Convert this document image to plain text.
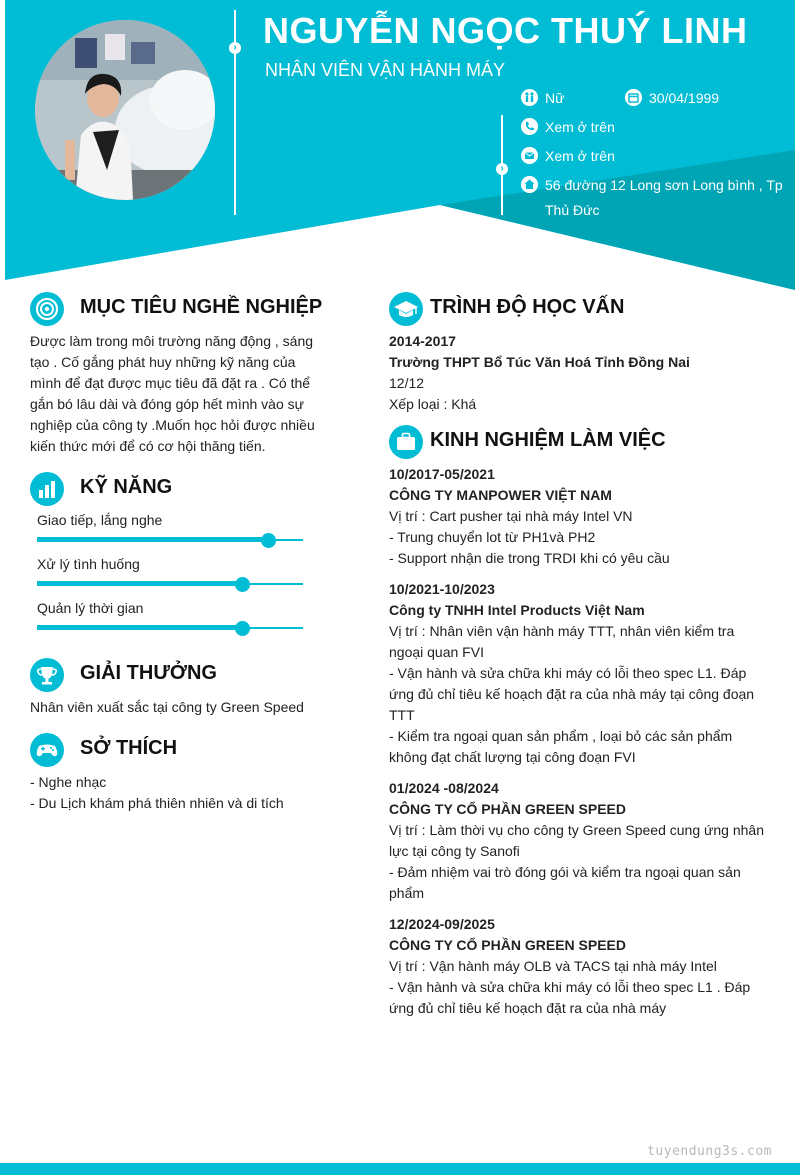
› NGUYỄN NGỌC THUÝ LINH
NHÂN VIÊN VẬN HÀNH MÁY
›
Nữ	30/04/1999
Xem ở trên
Xem ở trên
56 đường 12 Long sơn Long bình , Tp
Thủ Đức
MỤC TIÊU NGHỀ NGHIỆP
Được làm trong môi trường năng động , sáng
tạo . Cố gắng phát huy những kỹ năng của
mình để đạt được mục tiêu đã đặt ra . Có thể
gắn bó lâu dài và đóng góp hết mình vào sự
nghiệp của công ty .Muốn học hỏi được nhiều
kiến thức mới để có cơ hội thăng tiến.
KỸ NĂNG
Giao tiếp, lắng nghe
Xử lý tình huống
Quản lý thời gian
GIẢI THƯỞNG
Nhân viên xuất sắc tại công ty Green Speed
SỞ THÍCH
- Nghe nhạc
- Du Lịch khám phá thiên nhiên và di tích
TRÌNH ĐỘ HỌC VẤN
2014-2017
Trường THPT Bổ Túc Văn Hoá Tỉnh Đồng Nai
12/12
Xếp loại : Khá
KINH NGHIỆM LÀM VIỆC
10/2017-05/2021
CÔNG TY MANPOWER VIỆT NAM
Vị trí : Cart pusher tại nhà máy Intel VN
- Trung chuyển lot từ PH1và PH2
- Support nhận die trong TRDI khi có yêu cầu
10/2021-10/2023
Công ty TNHH Intel Products Việt Nam
Vị trí : Nhân viên vận hành máy TTT, nhân viên kiểm tra
ngoại quan FVI
- Vận hành và sửa chữa khi máy có lỗi theo spec L1. Đáp
ứng đủ chỉ tiêu kế hoạch đặt ra của nhà máy tại công đoạn
TTT
- Kiểm tra ngoại quan sản phẩm , loại bỏ các sản phẩm
không đạt chất lượng tại công đoạn FVI
01/2024 -08/2024
CÔNG TY CỔ PHẦN GREEN SPEED
Vị trí : Làm thời vụ cho công ty Green Speed cung ứng nhân
lực tại công ty Sanofi
- Đảm nhiệm vai trò đóng gói và kiểm tra ngoại quan sản
phẩm
12/2024-09/2025
CÔNG TY CỔ PHẦN GREEN SPEED
Vị trí : Vận hành máy OLB và TACS tại nhà máy Intel
- Vận hành và sửa chữa khi máy có lỗi theo spec L1 . Đáp
ứng đủ chỉ tiêu kế hoạch đặt ra của nhà máy
tuyendung3s.com
